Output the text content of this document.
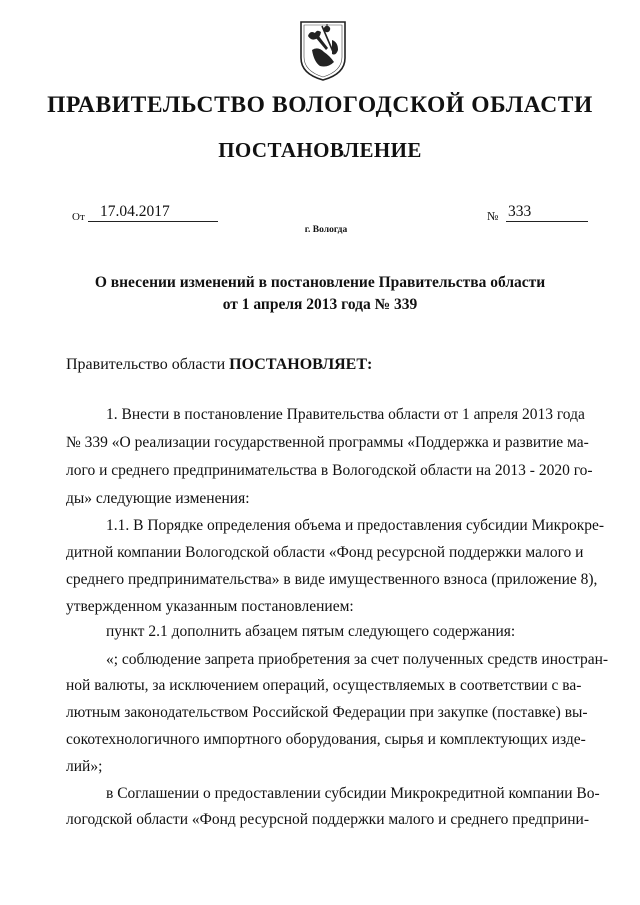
ПРАВИТЕЛЬСТВО ВОЛОГОДСКОЙ ОБЛАСТИ
ПОСТАНОВЛЕНИЕ
От 17.04.2017	№ 333
г. Вологда
О внесении изменений в постановление Правительства области
от 1 апреля 2013 года № 339
Правительство области ПОСТАНОВЛЯЕТ:
1. Внести в постановление Правительства области от 1 апреля 2013 года
№ 339 «О реализации государственной программы «Поддержка и развитие ма-
лого и среднего предпринимательства в Вологодской области на 2013 - 2020 го-
ды» следующие изменения:
1.1. В Порядке определения объема и предоставления субсидии Микрокре-
дитной компании Вологодской области «Фонд ресурсной поддержки малого и
среднего предпринимательства» в виде имущественного взноса (приложение 8),
утвержденном указанным постановлением:
пункт 2.1 дополнить абзацем пятым следующего содержания:
«; соблюдение запрета приобретения за счет полученных средств иностран-
ной валюты, за исключением операций, осуществляемых в соответствии с ва-
лютным законодательством Российской Федерации при закупке (поставке) вы-
сокотехнологичного импортного оборудования, сырья и комплектующих изде-
лий»;
в Соглашении о предоставлении субсидии Микрокредитной компании Во-
логодской области «Фонд ресурсной поддержки малого и среднего предприни-
